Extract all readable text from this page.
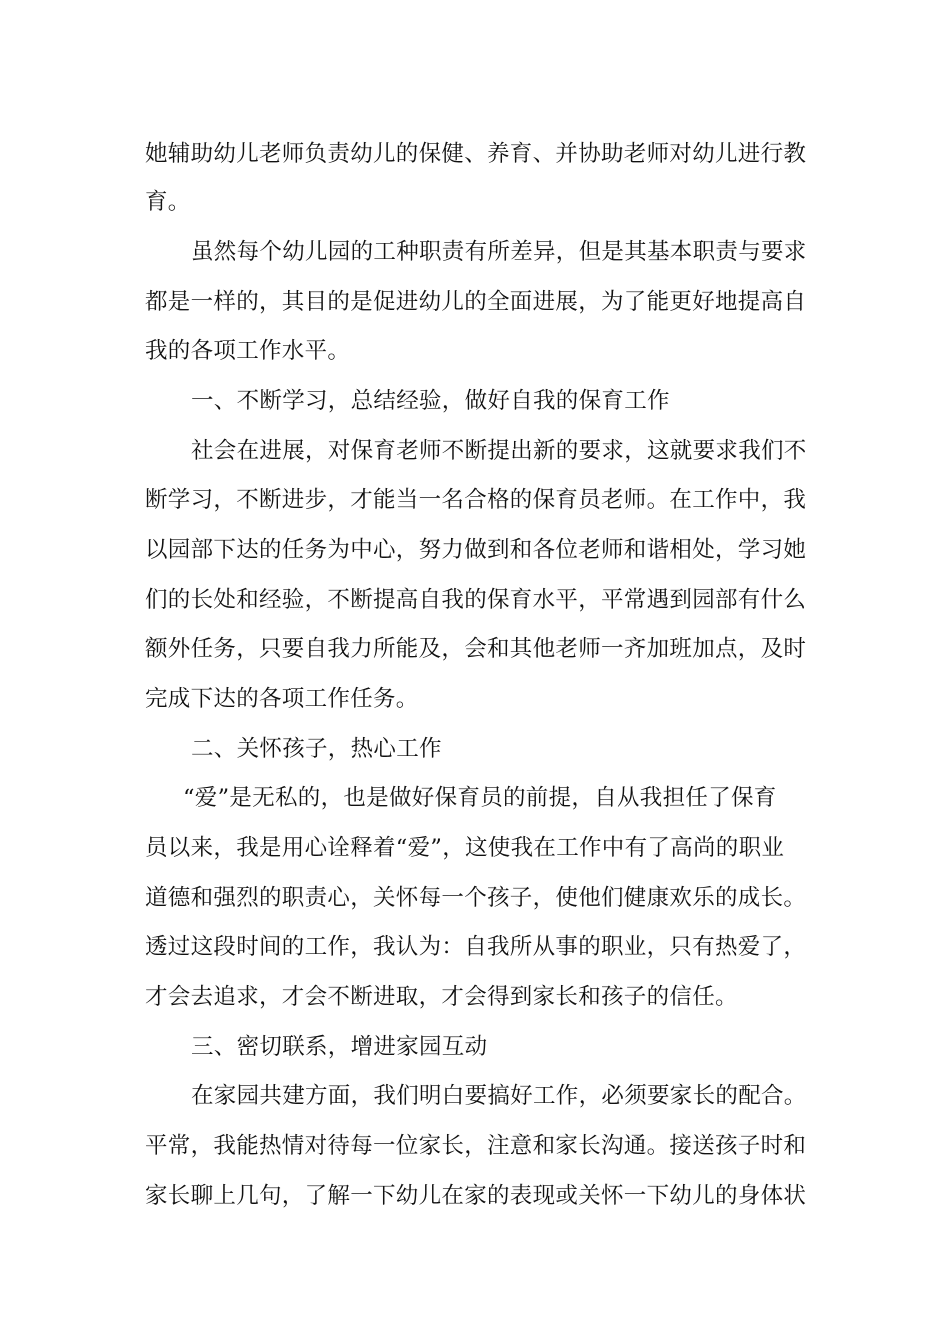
她辅助幼儿老师负责幼儿的保健、养育、并协助老师对幼儿进行教
育。
虽然每个幼儿园的工种职责有所差异，但是其基本职责与要求
都是一样的，其目的是促进幼儿的全面进展，为了能更好地提高自
我的各项工作水平。
一、不断学习，总结经验，做好自我的保育工作
社会在进展，对保育老师不断提出新的要求，这就要求我们不
断学习，不断进步，才能当一名合格的保育员老师。在工作中，我
以园部下达的任务为中心，努力做到和各位老师和谐相处，学习她
们的长处和经验，不断提高自我的保育水平，平常遇到园部有什么
额外任务，只要自我力所能及，会和其他老师一齐加班加点，及时
完成下达的各项工作任务。
二、关怀孩子，热心工作
“爱”是无私的，也是做好保育员的前提，自从我担任了保育
员以来，我是用心诠释着“爱”，这使我在工作中有了高尚的职业
道德和强烈的职责心，关怀每一个孩子，使他们健康欢乐的成长。
透过这段时间的工作，我认为：自我所从事的职业，只有热爱了，
才会去追求，才会不断进取，才会得到家长和孩子的信任。
三、密切联系，增进家园互动
在家园共建方面，我们明白要搞好工作，必须要家长的配合。
平常，我能热情对待每一位家长，注意和家长沟通。接送孩子时和
家长聊上几句，了解一下幼儿在家的表现或关怀一下幼儿的身体状
